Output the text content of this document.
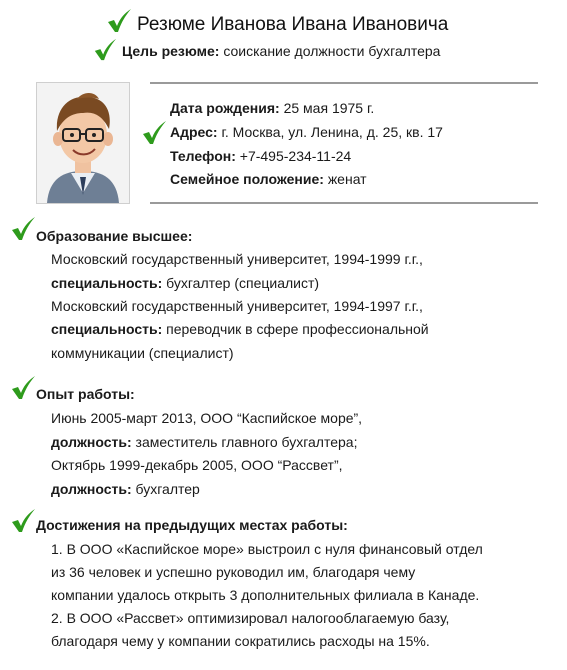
Резюме Иванова Ивана Ивановича
Цель резюме: соискание должности бухгалтера
Дата рождения: 25 мая 1975 г.
Адрес: г. Москва, ул. Ленина, д. 25, кв. 17
Телефон: +7-495-234-11-24
Семейное положение: женат
Образование высшее:
Московский государственный университет, 1994-1999 г.г.,
специальность: бухгалтер (специалист)
Московский государственный университет, 1994-1997 г.г.,
специальность: переводчик в сфере профессиональной
коммуникации (специалист)
Опыт работы:
Июнь 2005-март 2013, ООО “Каспийское море”,
должность: заместитель главного бухгалтера;
Октябрь 1999-декабрь 2005, ООО “Рассвет”,
должность: бухгалтер
Достижения на предыдущих местах работы:
1. В ООО «Каспийское море» выстроил с нуля финансовый отдел
из 36 человек и успешно руководил им, благодаря чему
компании удалось открыть 3 дополнительных филиала в Канаде.
2. В ООО «Рассвет» оптимизировал налогооблагаемую базу,
благодаря чему у компании сократились расходы на 15%.
